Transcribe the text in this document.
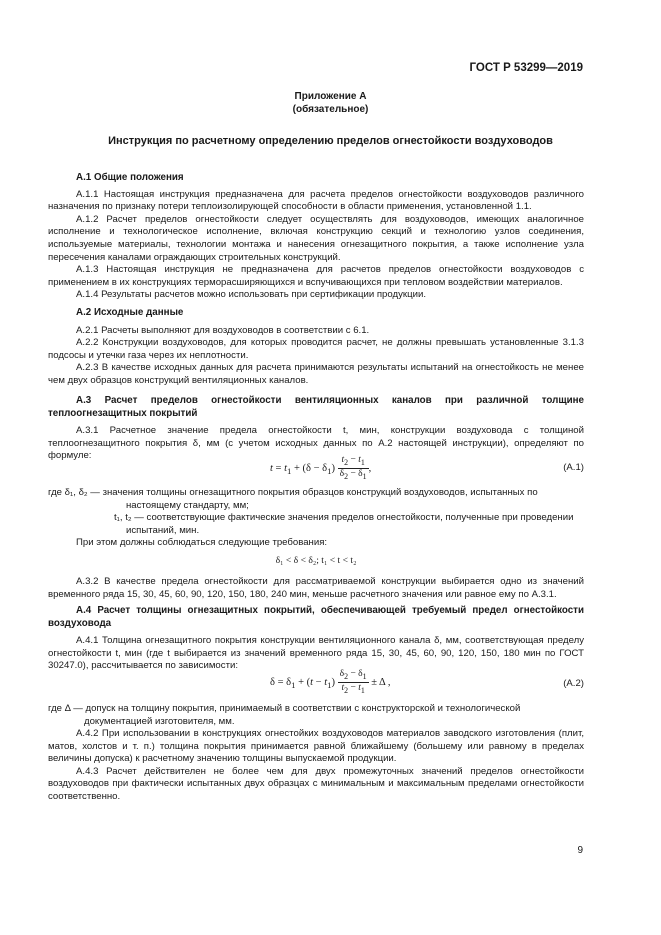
ГОСТ Р 53299—2019
Приложение А
(обязательное)
Инструкция по расчетному определению пределов огнестойкости воздуховодов

А.1 Общие положения

А.1.1 Настоящая инструкция предназначена для расчета пределов огнестойкости воздуховодов различного назначения по признаку потери теплоизолирующей способности в области применения, установленной 1.1.

А.1.2 Расчет пределов огнестойкости следует осуществлять для воздуховодов, имеющих аналогичное исполнение и технологическое исполнение, включая конструкцию секций и технологию узлов соединения, используемые материалы, технологии монтажа и нанесения огнезащитного покрытия, а также исполнение узла пересечения каналами ограждающих строительных конструкций.

А.1.3 Настоящая инструкция не предназначена для расчетов пределов огнестойкости воздуховодов с применением в их конструкциях терморасширяющихся и вспучивающихся при тепловом воздействии материалов.

А.1.4 Результаты расчетов можно использовать при сертификации продукции.

А.2 Исходные данные

А.2.1 Расчеты выполняют для воздуховодов в соответствии с 6.1.

А.2.2 Конструкции воздуховодов, для которых проводится расчет, не должны превышать установленные 3.1.3 подсосы и утечки газа через их неплотности.

А.2.3 В качестве исходных данных для расчета принимаются результаты испытаний на огнестойкость не менее чем двух образцов конструкций вентиляционных каналов.

А.3 Расчет пределов огнестойкости вентиляционных каналов при различной толщине теплоогнезащитных покрытий

А.3.1 Расчетное значение предела огнестойкости t, мин, конструкции воздуховода с толщиной теплоогнезащитного покрытия δ, мм (с учетом исходных данных по А.2 настоящей инструкции), определяют по формуле:

$t = t_1 + (\delta - \delta_1) \frac{t_2 - t_1}{\delta_2 - \delta_1}$ ,	(А.1)
где δ₁, δ₂ — значения толщины огнезащитного покрытия образцов конструкций воздуховодов, испытанных по настоящему стандарту, мм;
t₁, t₂ — соответствующие фактические значения пределов огнестойкости, полученные при проведении испытаний, мин.
При этом должны соблюдаться следующие требования:
δ₁ < δ < δ₂; t₁ < t < t₂

А.3.2 В качестве предела огнестойкости для рассматриваемой конструкции выбирается одно из значений временного ряда 15, 30, 45, 60, 90, 120, 150, 180, 240 мин, меньше расчетного значения или равное ему по А.3.1.

А.4 Расчет толщины огнезащитных покрытий, обеспечивающей требуемый предел огнестойкости воздуховода

А.4.1 Толщина огнезащитного покрытия конструкции вентиляционного канала δ, мм, соответствующая пределу огнестойкости t, мин (где t выбирается из значений временного ряда 15, 30, 45, 60, 90, 120, 150, 180 мин по ГОСТ 30247.0), рассчитывается по зависимости:

$\delta = \delta_1 + (t - t_1) \frac{\delta_2 - \delta_1}{t_2 - t_1} \pm \Delta$ ,	(А.2)
где Δ — допуск на толщину покрытия, принимаемый в соответствии с конструкторской и технологической документацией изготовителя, мм.

А.4.2 При использовании в конструкциях огнестойких воздуховодов материалов заводского изготовления (плит, матов, холстов и т. п.) толщина покрытия принимается равной ближайшему (большему или равному в пределах величины допуска) к расчетному значению толщины выпускаемой продукции.

А.4.3 Расчет действителен не более чем для двух промежуточных значений пределов огнестойкости воздуховодов при фактически испытанных двух образцах с минимальным и максимальным пределами огнестойкости соответственно.

9
